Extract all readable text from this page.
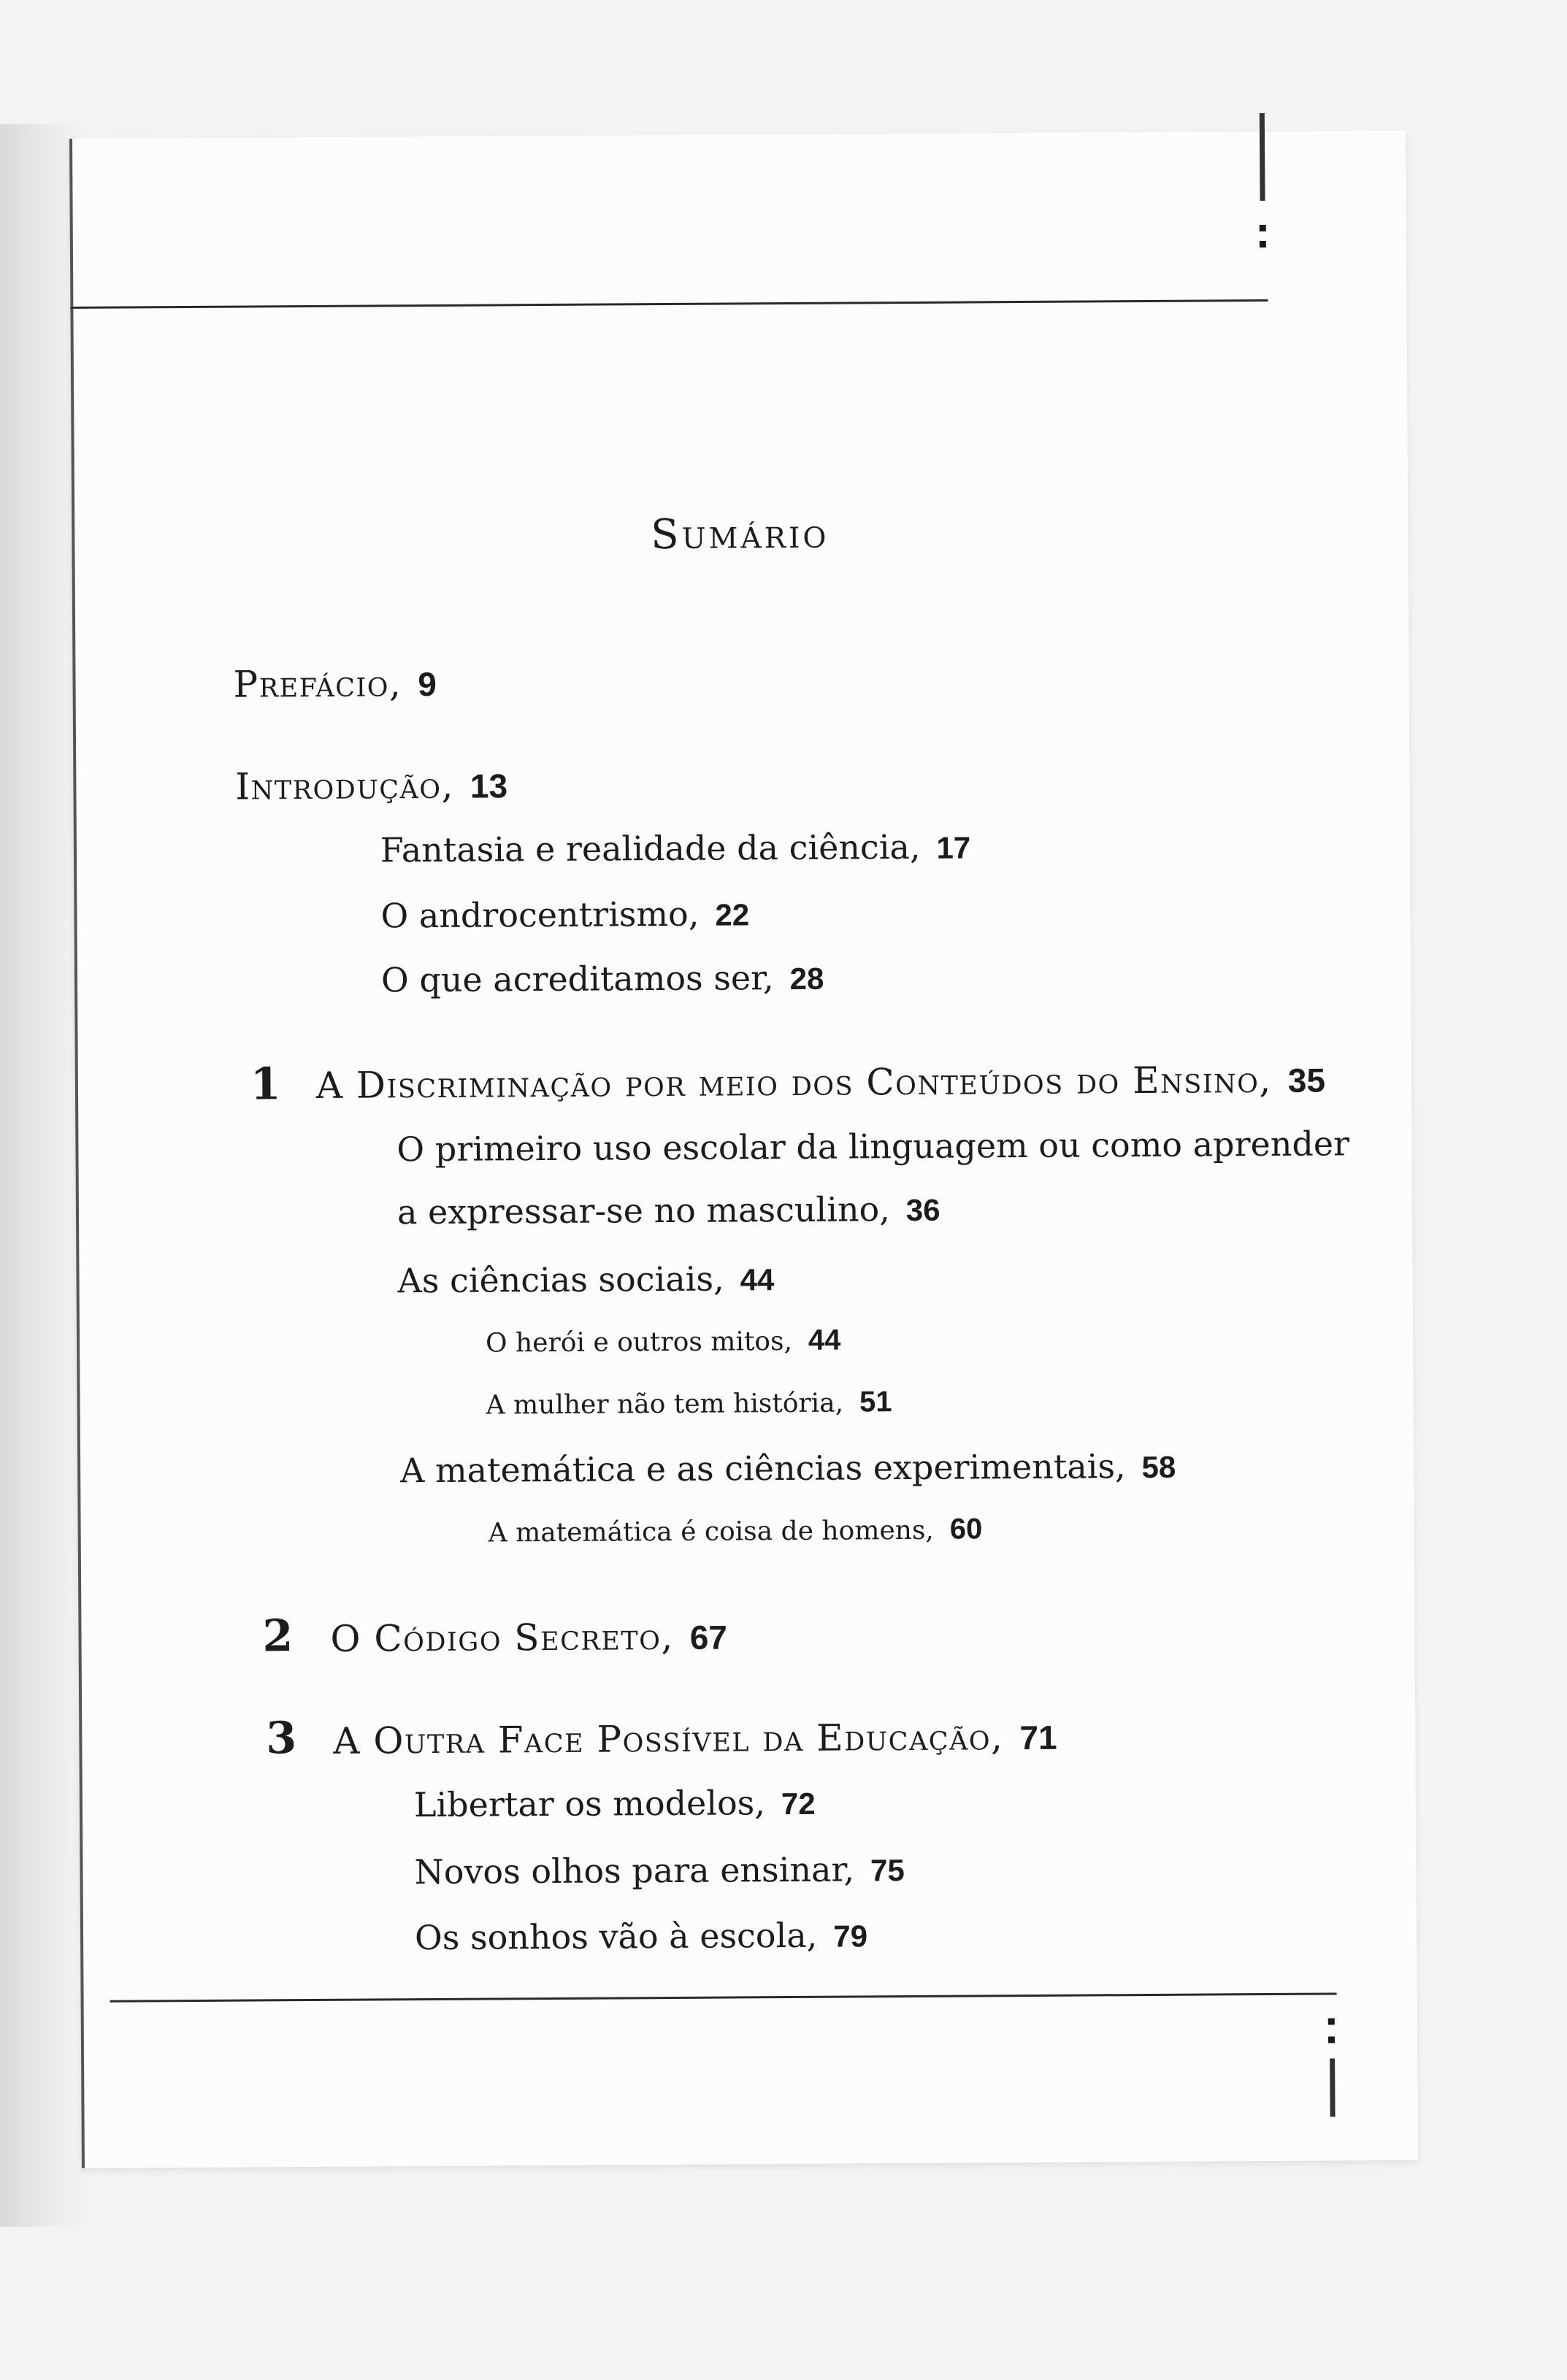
Sumário
Prefácio, 9
Introdução, 13
Fantasia e realidade da ciência, 17
O androcentrismo, 22
O que acreditamos ser, 28
1 A Discriminação por meio dos Conteúdos do Ensino, 35
O primeiro uso escolar da linguagem ou como aprender
a expressar-se no masculino, 36
As ciências sociais, 44
O herói e outros mitos, 44
A mulher não tem história, 51
A matemática e as ciências experimentais, 58
A matemática é coisa de homens, 60
2 O Código Secreto, 67
3 A Outra Face Possível da Educação, 71
Libertar os modelos, 72
Novos olhos para ensinar, 75
Os sonhos vão à escola, 79
